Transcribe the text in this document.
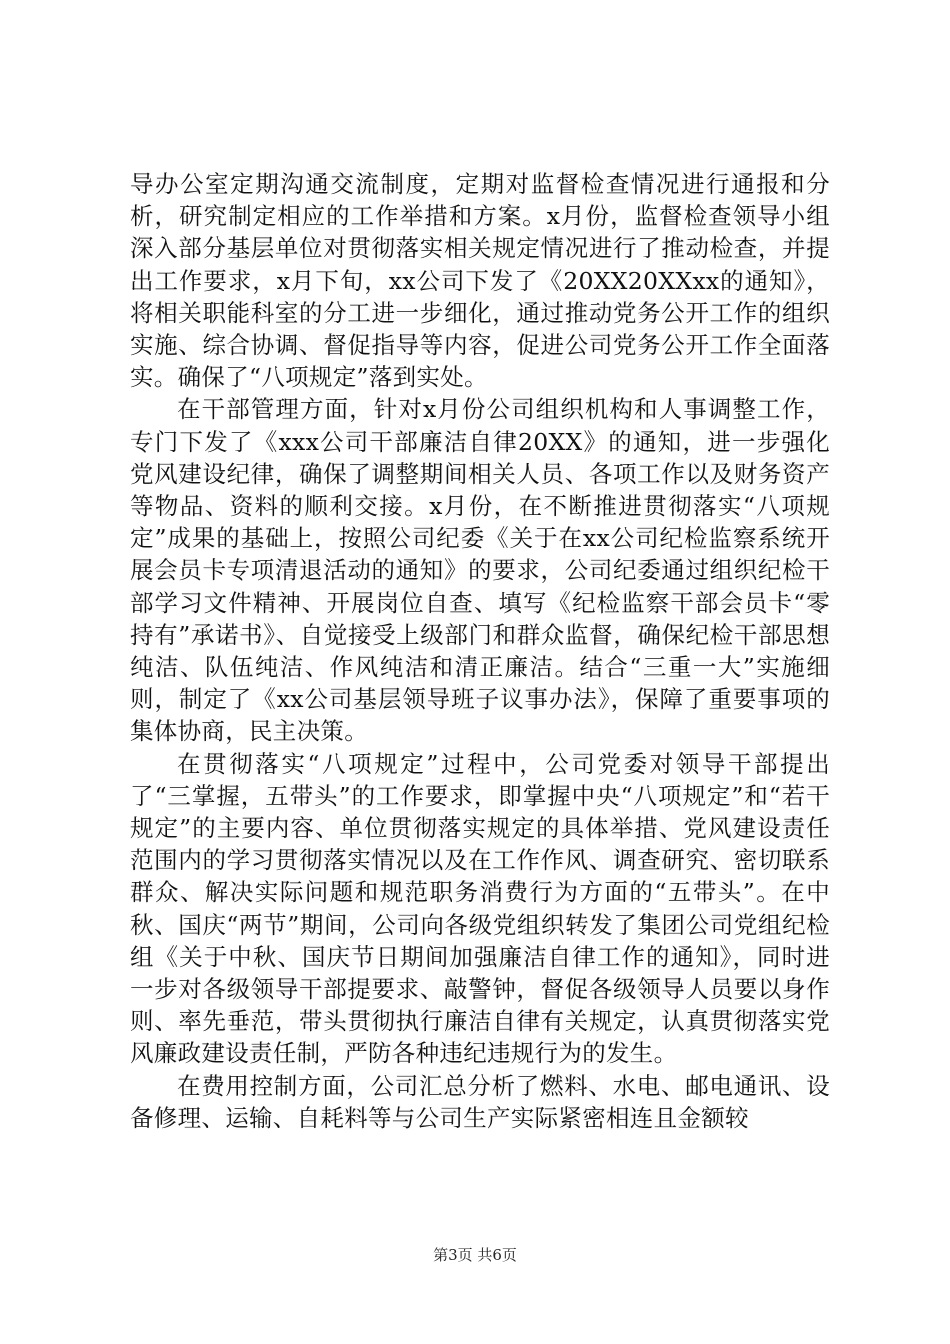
导办公室定期沟通交流制度，定期对监督检查情况进行通报和分析，研究制定相应的工作举措和方案。x月份，监督检查领导小组深入部分基层单位对贯彻落实相关规定情况进行了推动检查，并提出工作要求，x月下旬，xx公司下发了《20XX20XXxx的通知》，将相关职能科室的分工进一步细化，通过推动党务公开工作的组织实施、综合协调、督促指导等内容，促进公司党务公开工作全面落实。确保了“八项规定”落到实处。

在干部管理方面，针对x月份公司组织机构和人事调整工作，专门下发了《xxx公司干部廉洁自律20XX》的通知，进一步强化党风建设纪律，确保了调整期间相关人员、各项工作以及财务资产等物品、资料的顺利交接。x月份，在不断推进贯彻落实“八项规定”成果的基础上，按照公司纪委《关于在xx公司纪检监察系统开展会员卡专项清退活动的通知》的要求，公司纪委通过组织纪检干部学习文件精神、开展岗位自查、填写《纪检监察干部会员卡“零持有”承诺书》、自觉接受上级部门和群众监督，确保纪检干部思想纯洁、队伍纯洁、作风纯洁和清正廉洁。结合“三重一大”实施细则，制定了《xx公司基层领导班子议事办法》，保障了重要事项的集体协商，民主决策。

在贯彻落实“八项规定”过程中，公司党委对领导干部提出了“三掌握，五带头”的工作要求，即掌握中央“八项规定”和“若干规定”的主要内容、单位贯彻落实规定的具体举措、党风建设责任范围内的学习贯彻落实情况以及在工作作风、调查研究、密切联系群众、解决实际问题和规范职务消费行为方面的“五带头”。在中秋、国庆“两节”期间，公司向各级党组织转发了集团公司党组纪检组《关于中秋、国庆节日期间加强廉洁自律工作的通知》，同时进一步对各级领导干部提要求、敲警钟，督促各级领导人员要以身作则、率先垂范，带头贯彻执行廉洁自律有关规定，认真贯彻落实党风廉政建设责任制，严防各种违纪违规行为的发生。

在费用控制方面，公司汇总分析了燃料、水电、邮电通讯、设备修理、运输、自耗料等与公司生产实际紧密相连且金额较

第3页 共6页
